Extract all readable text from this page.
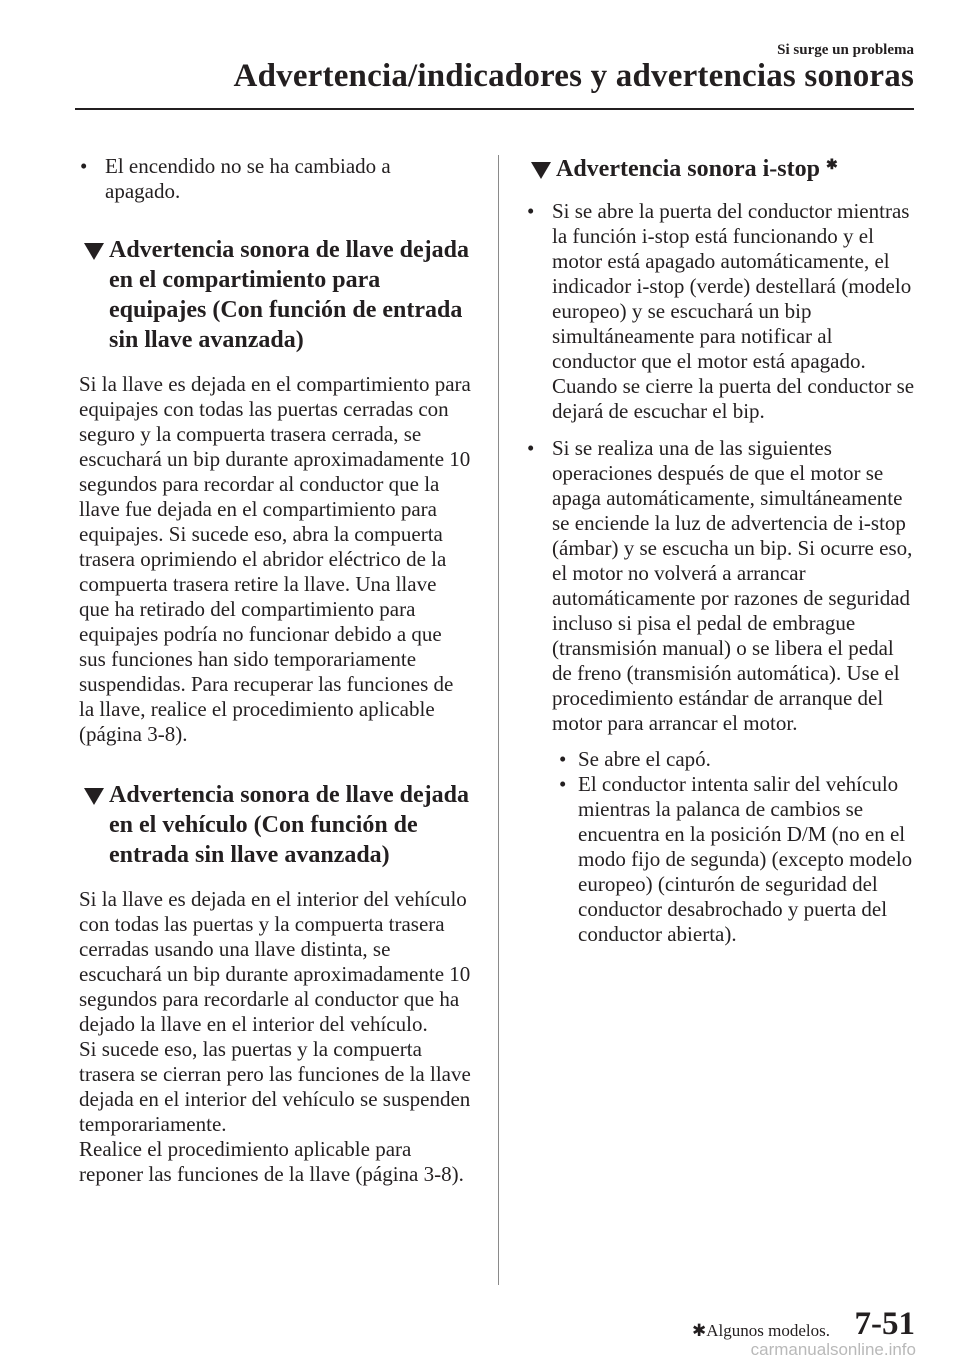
Si surge un problema
Advertencia/indicadores y advertencias sonoras
• El encendido no se ha cambiado a apagado.
Advertencia sonora de llave dejada en el compartimiento para equipajes (Con función de entrada sin llave avanzada)
Si la llave es dejada en el compartimiento para equipajes con todas las puertas cerradas con seguro y la compuerta trasera cerrada, se escuchará un bip durante aproximadamente 10 segundos para recordar al conductor que la llave fue dejada en el compartimiento para equipajes. Si sucede eso, abra la compuerta trasera oprimiendo el abridor eléctrico de la compuerta trasera retire la llave. Una llave que ha retirado del compartimiento para equipajes podría no funcionar debido a que sus funciones han sido temporariamente suspendidas. Para recuperar las funciones de la llave, realice el procedimiento aplicable (página 3-8).
Advertencia sonora de llave dejada en el vehículo (Con función de entrada sin llave avanzada)
Si la llave es dejada en el interior del vehículo con todas las puertas y la compuerta trasera cerradas usando una llave distinta, se escuchará un bip durante aproximadamente 10 segundos para recordarle al conductor que ha dejado la llave en el interior del vehículo.
Si sucede eso, las puertas y la compuerta trasera se cierran pero las funciones de la llave dejada en el interior del vehículo se suspenden temporariamente.
Realice el procedimiento aplicable para reponer las funciones de la llave (página 3-8).
Advertencia sonora i-stop ✱
• Si se abre la puerta del conductor mientras la función i-stop está funcionando y el motor está apagado automáticamente, el indicador i-stop (verde) destellará (modelo europeo) y se escuchará un bip simultáneamente para notificar al conductor que el motor está apagado. Cuando se cierre la puerta del conductor se dejará de escuchar el bip.
• Si se realiza una de las siguientes operaciones después de que el motor se apaga automáticamente, simultáneamente se enciende la luz de advertencia de i-stop (ámbar) y se escucha un bip. Si ocurre eso, el motor no volverá a arrancar automáticamente por razones de seguridad incluso si pisa el pedal de embrague (transmisión manual) o se libera el pedal de freno (transmisión automática). Use el procedimiento estándar de arranque del motor para arrancar el motor.
• Se abre el capó.
• El conductor intenta salir del vehículo mientras la palanca de cambios se encuentra en la posición D/M (no en el modo fijo de segunda) (excepto modelo europeo) (cinturón de seguridad del conductor desabrochado y puerta del conductor abierta).
✱Algunos modelos. 7-51
carmanualsonline.info
